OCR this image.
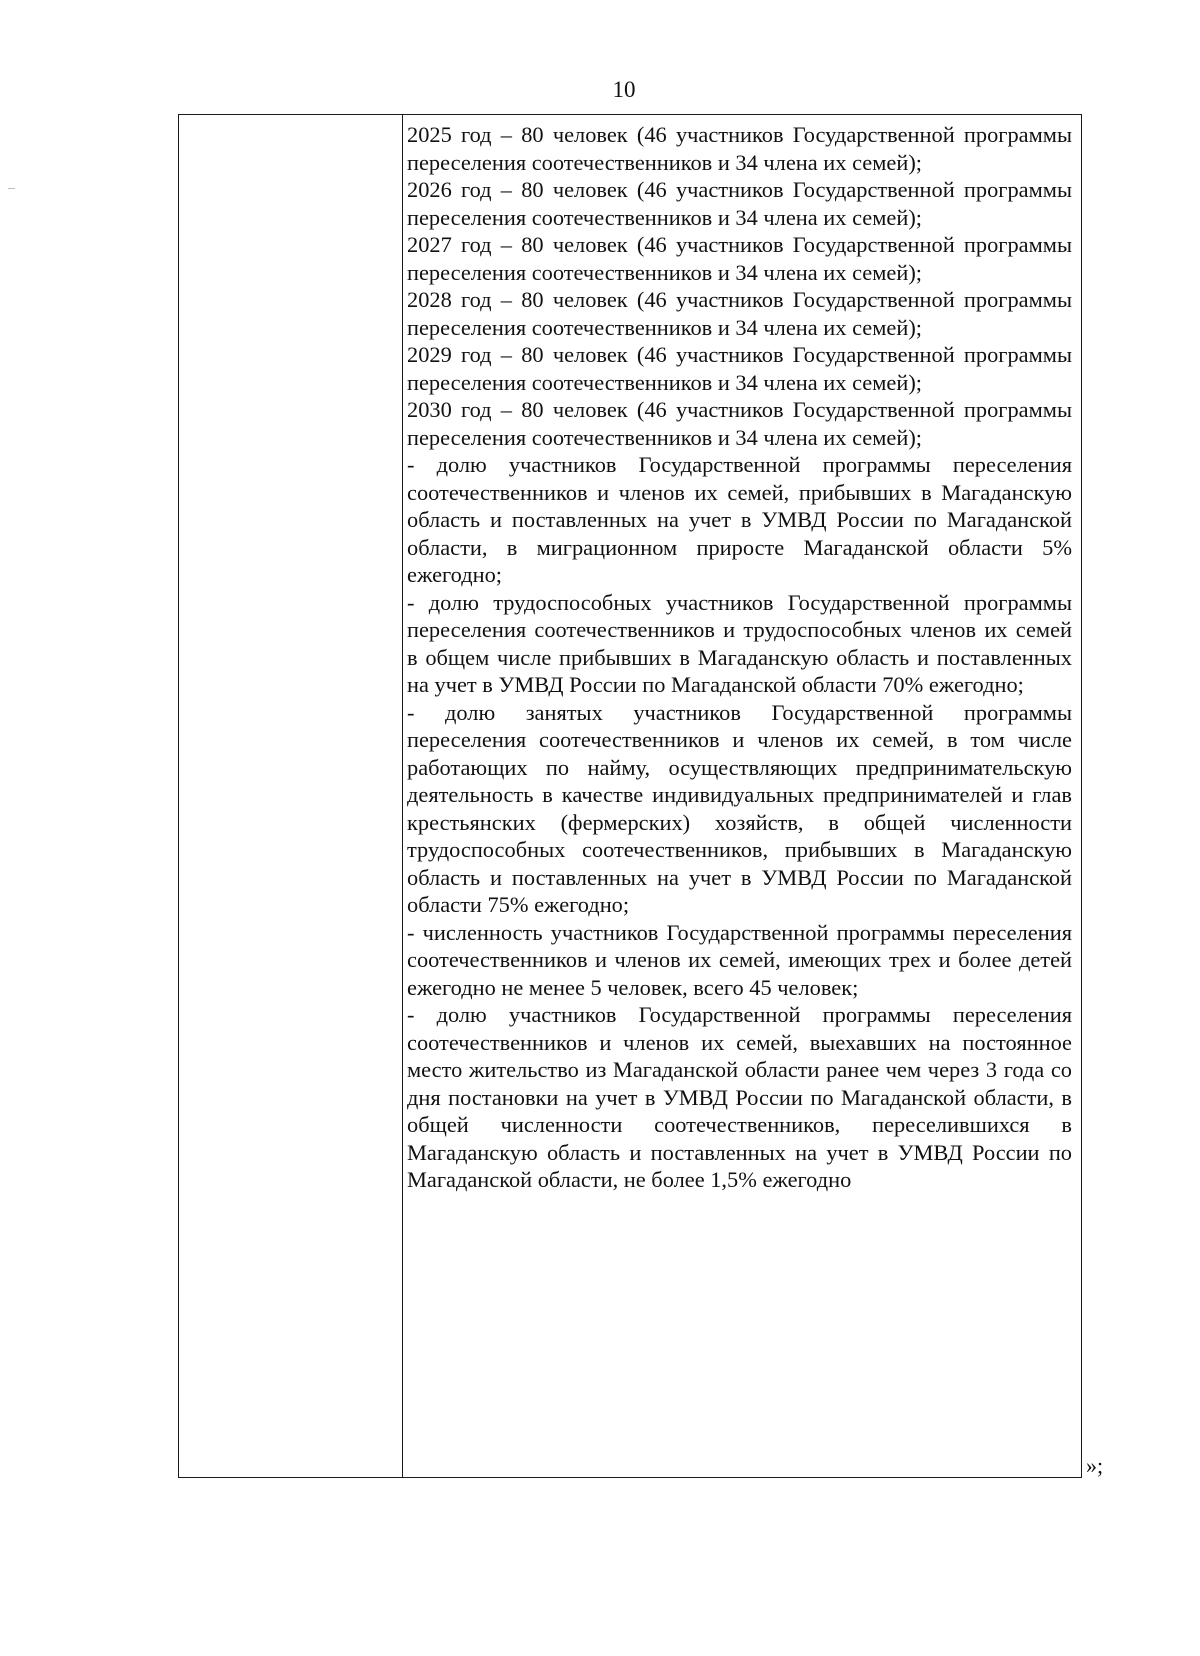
10

2025 год – 80 человек (46 участников Государственной программы переселения соотечественников и 34 члена их семей);

2026 год – 80 человек (46 участников Государственной программы переселения соотечественников и 34 члена их семей);

2027 год – 80 человек (46 участников Государственной программы переселения соотечественников и 34 члена их семей);

2028 год – 80 человек (46 участников Государственной программы переселения соотечественников и 34 члена их семей);

2029 год – 80 человек (46 участников Государственной программы переселения соотечественников и 34 члена их семей);

2030 год – 80 человек (46 участников Государственной программы переселения соотечественников и 34 члена их семей);

- долю участников Государственной программы переселения соотечественников и членов их семей, прибывших в Магаданскую область и поставленных на учет в УМВД России по Магаданской области, в миграционном приросте Магаданской области 5% ежегодно;

- долю трудоспособных участников Государственной программы переселения соотечественников и трудоспособных членов их семей в общем числе прибывших в Магаданскую область и поставленных на учет в УМВД России по Магаданской области 70% ежегодно;

- долю занятых участников Государственной программы переселения соотечественников и членов их семей, в том числе работающих по найму, осуществляющих предпринимательскую деятельность в качестве индивидуальных предпринимателей и глав крестьянских (фермерских) хозяйств, в общей численности трудоспособных соотечественников, прибывших в Магаданскую область и поставленных на учет в УМВД России по Магаданской области 75% ежегодно;

- численность участников Государственной программы переселения соотечественников и членов их семей, имеющих трех и более детей ежегодно не менее 5 человек, всего 45 человек;

- долю участников Государственной программы переселения соотечественников и членов их семей, выехавших на постоянное место жительство из Магаданской области ранее чем через 3 года со дня постановки на учет в УМВД России по Магаданской области, в общей численности соотечественников, переселившихся в Магаданскую область и поставленных на учет в УМВД России по Магаданской области, не более 1,5% ежегодно

»;
